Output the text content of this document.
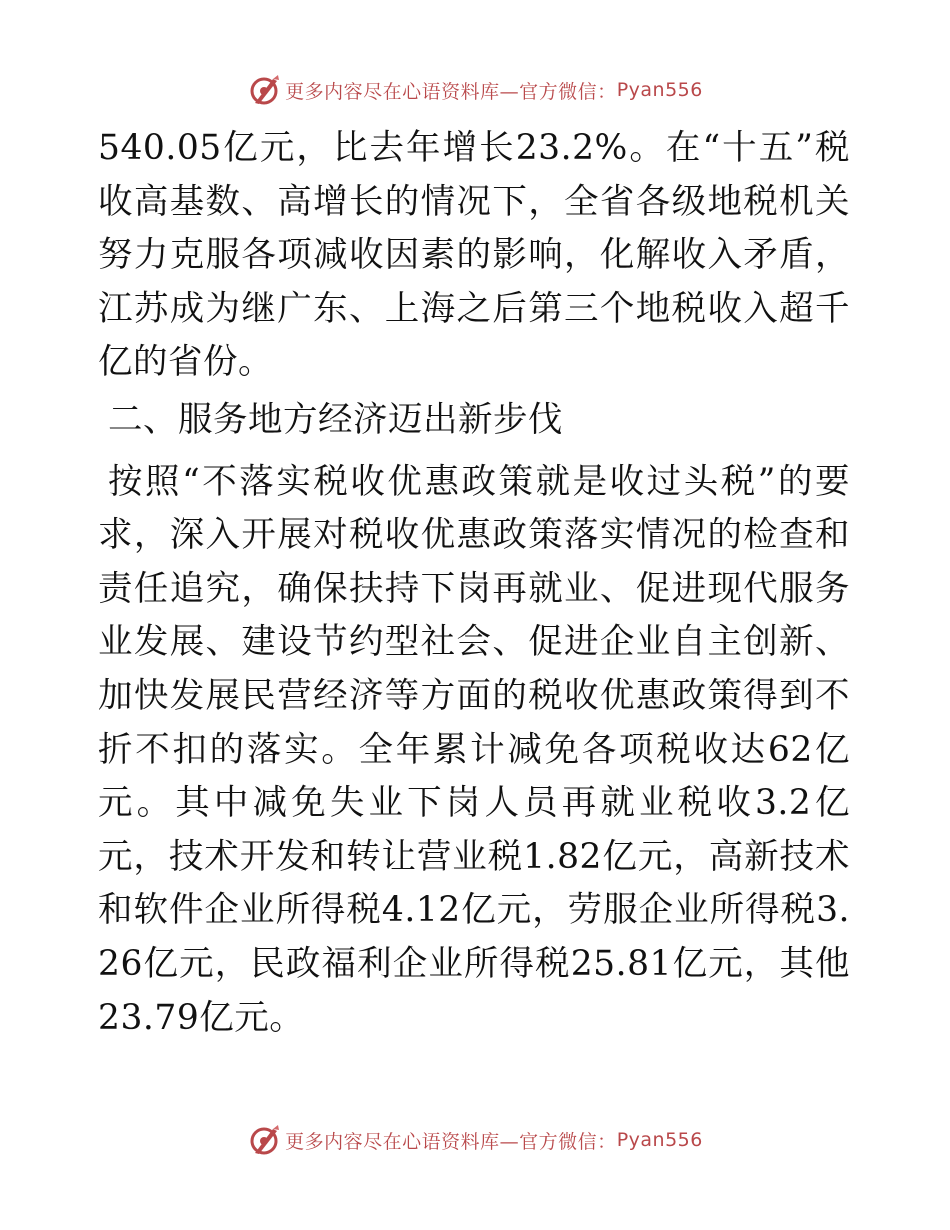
更多内容尽在心语资料库 —官方微信： Pyan556

540.05亿元，比去年增长23.2%。在“十五”税收高基数、高增长的情况下，全省各级地税机关努力克服各项减收因素的影响，化解收入矛盾，江苏成为继广东、上海之后第三个地税收入超千亿的省份。

二、服务地方经济迈出新步伐

按照“不落实税收优惠政策就是收过头税”的要求，深入开展对税收优惠政策落实情况的检查和责任追究，确保扶持下岗再就业、促进现代服务业发展、建设节约型社会、促进企业自主创新、加快发展民营经济等方面的税收优惠政策得到不折不扣的落实。全年累计减免各项税收达62亿元。其中减免失业下岗人员再就业税收3.2亿元，技术开发和转让营业税1.82亿元，高新技术和软件企业所得税4.12亿元，劳服企业所得税3.26亿元，民政福利企业所得税25.81亿元，其他23.79亿元。

更多内容尽在心语资料库 —官方微信： Pyan556
